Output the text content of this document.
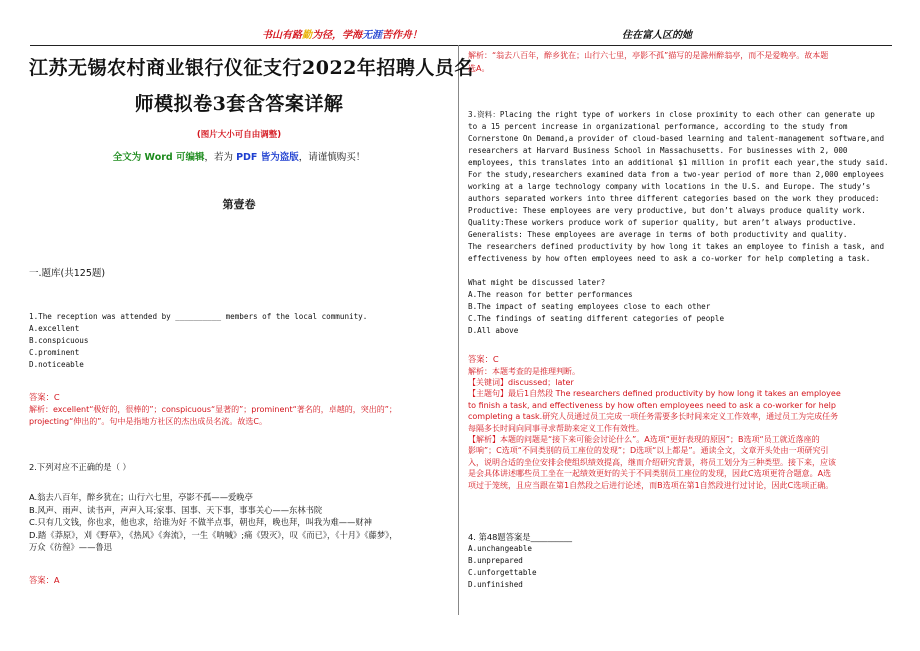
书山有路勤为径，学海无涯苦作舟！	住在富人区的她
江苏无锡农村商业银行仪征支行2022年招聘人员名
师模拟卷3套含答案详解
(图片大小可自由调整)
全文为 Word 可编辑，若为 PDF 皆为盗版，请谨慎购买！
第壹卷
一.题库(共125题)
1.The reception was attended by __________ members of the local community.
A.excellent
B.conspicuous
C.prominent
D.noticeable
答案：C
解析：excellent“极好的，很棒的”；conspicuous“显著的”；prominent“著名的，卓越的，突出的”；
projecting“伸出的”。句中是指地方社区的杰出成员名流。故选C。
2.下列对应不正确的是（ ）
A.翁去八百年，醉乡犹在；山行六七里，亭影不孤——爱晚亭
B.风声、雨声、读书声，声声入耳;家事、国事、天下事，事事关心——东林书院
C.只有几文钱，你也求，他也求，给谁为好 不做半点事，朝也拜，晚也拜，叫我为难——财神
D.踏《莽原》，刈《野草》，《热风》《奔流》，一生《呐喊》;痛《毁灭》，叹《而已》，《十月》《藤梦》，
万众《彷徨》——鲁迅
答案：A
解析：“翁去八百年，醉乡犹在；山行六七里，亭影不孤”描写的是滁州醉翁亭，而不是爱晚亭。故本题
选A。
3.资料：Placing the right type of workers in close proximity to each other can generate up
to a 15 percent increase in organizational performance, according to the study from
Cornerstone On Demand,a provider of cloud-based learning and talent-management software,and
researchers at Harvard Business School in Massachusetts. For businesses with 2, 000
employees, this translates into an additional $1 million in profit each year,the study said.
For the study,researchers examined data from a two-year period of more than 2,000 employees
working at a large technology company with locations in the U.S. and Europe. The study’s
authors separated workers into three different categories based on the work they produced:
Productive: These employees are very productive, but don’t always produce quality work.
Quality:These workers produce work of superior quality, but aren’t always productive.
Generalists: These employees are average in terms of both productivity and quality.
The researchers defined productivity by how long it takes an employee to finish a task, and
effectiveness by how often employees need to ask a co-worker for help completing a task.
What might be discussed later?
A.The reason for better performances
B.The impact of seating employees close to each other
C.The findings of seating different categories of people
D.All above
答案：C
解析：本题考查的是推理判断。
【关键词】discussed；later
【主题句】最后1自然段 The researchers defined productivity by how long it takes an employee
to finish a task, and effectiveness by how often employees need to ask a co-worker for help
completing a task.研究人员通过员工完成一项任务需要多长时间来定义工作效率，通过员工为完成任务
每隔多长时间向同事寻求帮助来定义工作有效性。
【解析】本题的问题是“接下来可能会讨论什么”。A选项“更好表现的原因”；B选项“员工就近落座的
影响”；C选项“不同类别的员工座位的发现”；D选项“以上都是”。通读全文，文章开头处由一项研究引
入，说明合适的坐位安排会使组织绩效提高，继而介绍研究背景，将员工划分为三种类型。接下来，应该
是会具体讲述哪些员工坐在一起绩效更好的关于不同类别员工座位的发现，因此C选项更符合题意。A选
项过于笼统，且应当跟在第1自然段之后进行论述，而B选项在第1自然段进行过讨论，因此C选项正确。
4. 第48题答案是__________
A.unchangeable
B.unprepared
C.unforgettable
D.unfinished
